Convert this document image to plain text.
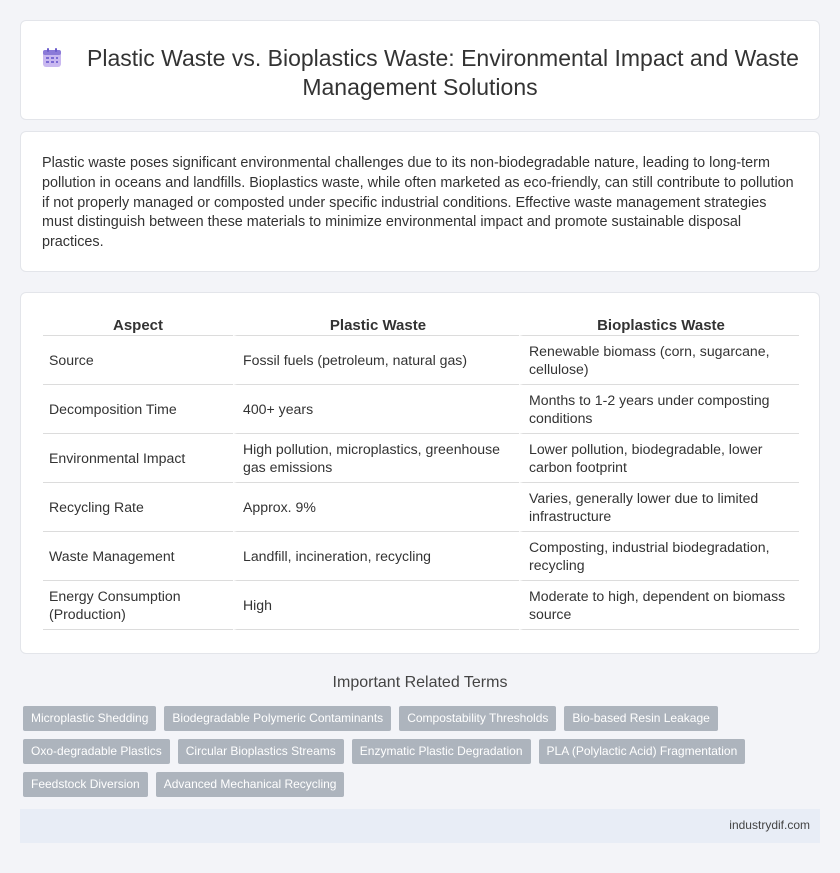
Plastic Waste vs. Bioplastics Waste: Environmental Impact and Waste Management Solutions

Plastic waste poses significant environmental challenges due to its non-biodegradable nature, leading to long-term pollution in oceans and landfills. Bioplastics waste, while often marketed as eco-friendly, can still contribute to pollution if not properly managed or composted under specific industrial conditions. Effective waste management strategies must distinguish between these materials to minimize environmental impact and promote sustainable disposal practices.

Aspect	Plastic Waste	Bioplastics Waste
Source	Fossil fuels (petroleum, natural gas)	Renewable biomass (corn, sugarcane, cellulose)
Decomposition Time	400+ years	Months to 1-2 years under composting conditions
Environmental Impact	High pollution, microplastics, greenhouse gas emissions	Lower pollution, biodegradable, lower carbon footprint
Recycling Rate	Approx. 9%	Varies, generally lower due to limited infrastructure
Waste Management	Landfill, incineration, recycling	Composting, industrial biodegradation, recycling
Energy Consumption (Production)	High	Moderate to high, dependent on biomass source
Important Related Terms
Microplastic Shedding	Biodegradable Polymeric Contaminants	Compostability Thresholds	Bio-based Resin Leakage
Oxo-degradable Plastics	Circular Bioplastics Streams	Enzymatic Plastic Degradation	PLA (Polylactic Acid) Fragmentation
Feedstock Diversion	Advanced Mechanical Recycling
industrydif.com
